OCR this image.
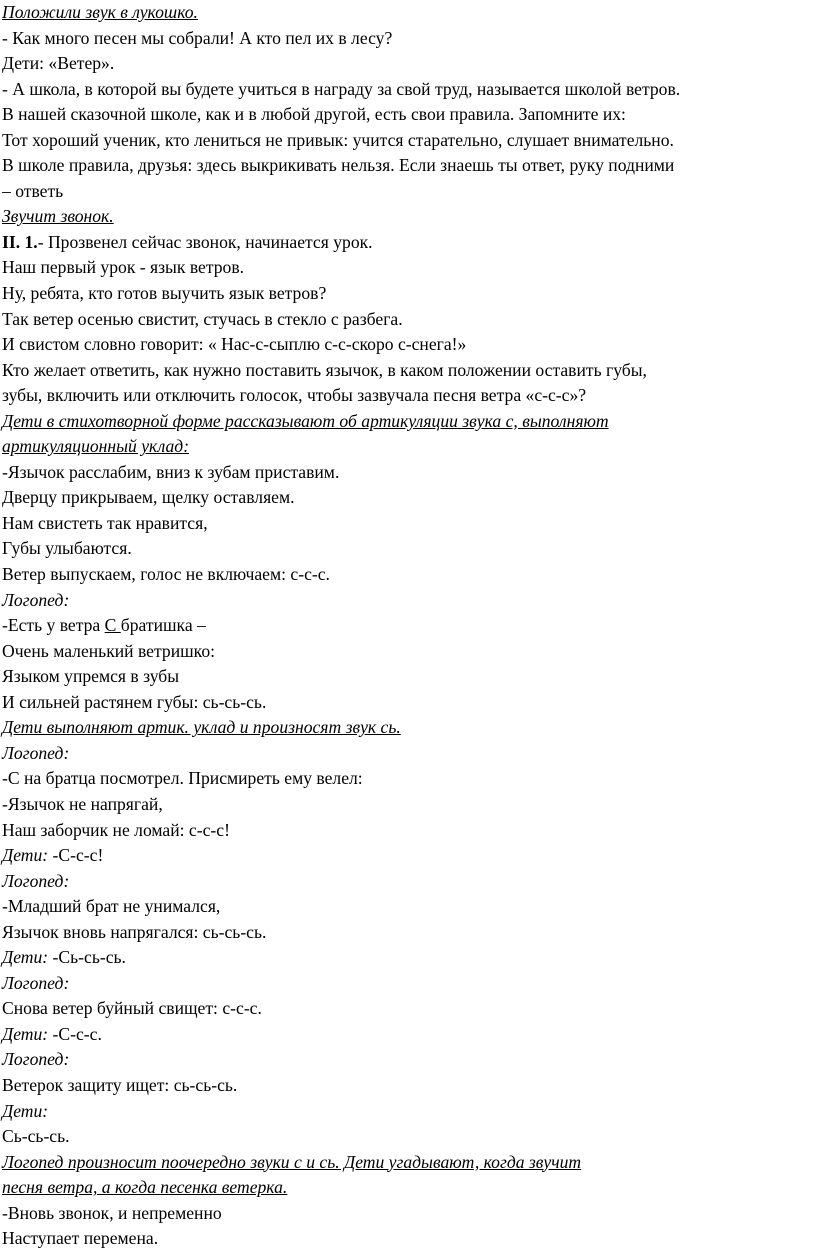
Положили звук в лукошко.
- Как много песен мы собрали! А кто пел их в лесу?
Дети: «Ветер».
- А школа, в которой вы будете учиться в награду за свой труд, называется школой ветров.
В нашей сказочной школе, как и в любой другой, есть свои правила. Запомните их:
Тот хороший ученик, кто лениться не привык: учится старательно, слушает внимательно.
В школе правила, друзья: здесь выкрикивать нельзя. Если знаешь ты ответ, руку подними
– ответь
Звучит звонок.
II. 1.- Прозвенел сейчас звонок, начинается урок.
Наш первый урок - язык ветров.
Ну, ребята, кто готов выучить язык ветров?
Так ветер осенью свистит, стучась в стекло с разбега.
И свистом словно говорит: « Нас-с-сыплю с-с-скоро с-снега!»
Кто желает ответить, как нужно поставить язычок, в каком положении оставить губы,
зубы, включить или отключить голосок, чтобы зазвучала песня ветра «с-с-с»?
Дети в стихотворной форме рассказывают об артикуляции звука с, выполняют
артикуляционный уклад:
-Язычок расслабим, вниз к зубам приставим.
Дверцу прикрываем, щелку оставляем.
Нам свистеть так нравится,
Губы улыбаются.
Ветер выпускаем, голос не включаем: с-с-с.
Логопед:
-Есть у ветра С братишка –
Очень маленький ветришко:
Языком упремся в зубы
И сильней растянем губы: сь-сь-сь.
Дети выполняют артик. уклад и произносят звук сь.
Логопед:
-С на братца посмотрел. Присмиреть ему велел:
-Язычок не напрягай,
Наш заборчик не ломай: с-с-с!
Дети: -С-с-с!
Логопед:
-Младший брат не унимался,
Язычок вновь напрягался: сь-сь-сь.
Дети: -Сь-сь-сь.
Логопед:
Снова ветер буйный свищет: с-с-с.
Дети: -С-с-с.
Логопед:
Ветерок защиту ищет: сь-сь-сь.
Дети:
Сь-сь-сь.
Логопед произносит поочередно звуки с и сь. Дети угадывают, когда звучит
песня ветра, а когда песенка ветерка.
-Вновь звонок, и непременно
Наступает перемена.
